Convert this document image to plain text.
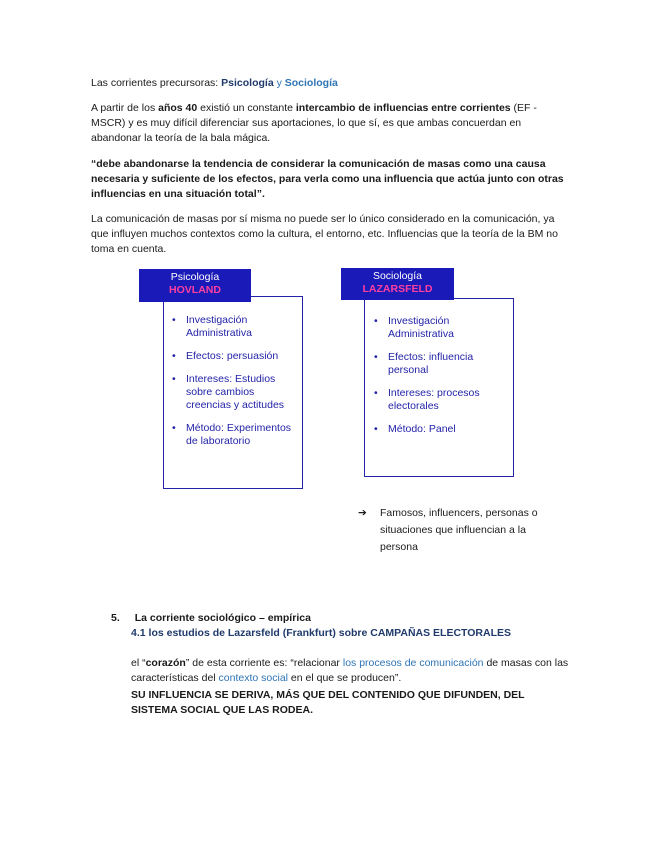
Las corrientes precursoras: Psicología y Sociología

A partir de los años 40 existió un constante intercambio de influencias entre corrientes (EF - MSCR) y es muy difícil diferenciar sus aportaciones, lo que sí, es que ambas concuerdan en abandonar la teoría de la bala mágica.

“debe abandonarse la tendencia de considerar la comunicación de masas como una causa necesaria y suficiente de los efectos, para verla como una influencia que actúa junto con otras influencias en una situación total”.

La comunicación de masas por sí misma no puede ser lo único considerado en la comunicación, ya que influyen muchos contextos como la cultura, el entorno, etc. Influencias que la teoría de la BM no toma en cuenta.

Psicología
HOVLAND
• Investigación Administrativa
• Efectos: persuasión
• Intereses: Estudios sobre cambios creencias y actitudes
• Método: Experimentos de laboratorio
Sociología
LAZARSFELD
• Investigación Administrativa
• Efectos: influencia personal
• Intereses: procesos electorales
• Método: Panel
➔	Famosos, influencers, personas o situaciones que influencian a la persona
5. La corriente sociológico – empírica
4.1 los estudios de Lazarsfeld (Frankfurt) sobre CAMPAÑAS ELECTORALES

el “corazón” de esta corriente es: “relacionar los procesos de comunicación de masas con las características del contexto social en el que se producen”.

SU INFLUENCIA SE DERIVA, MÁS QUE DEL CONTENIDO QUE DIFUNDEN, DEL SISTEMA SOCIAL QUE LAS RODEA.
